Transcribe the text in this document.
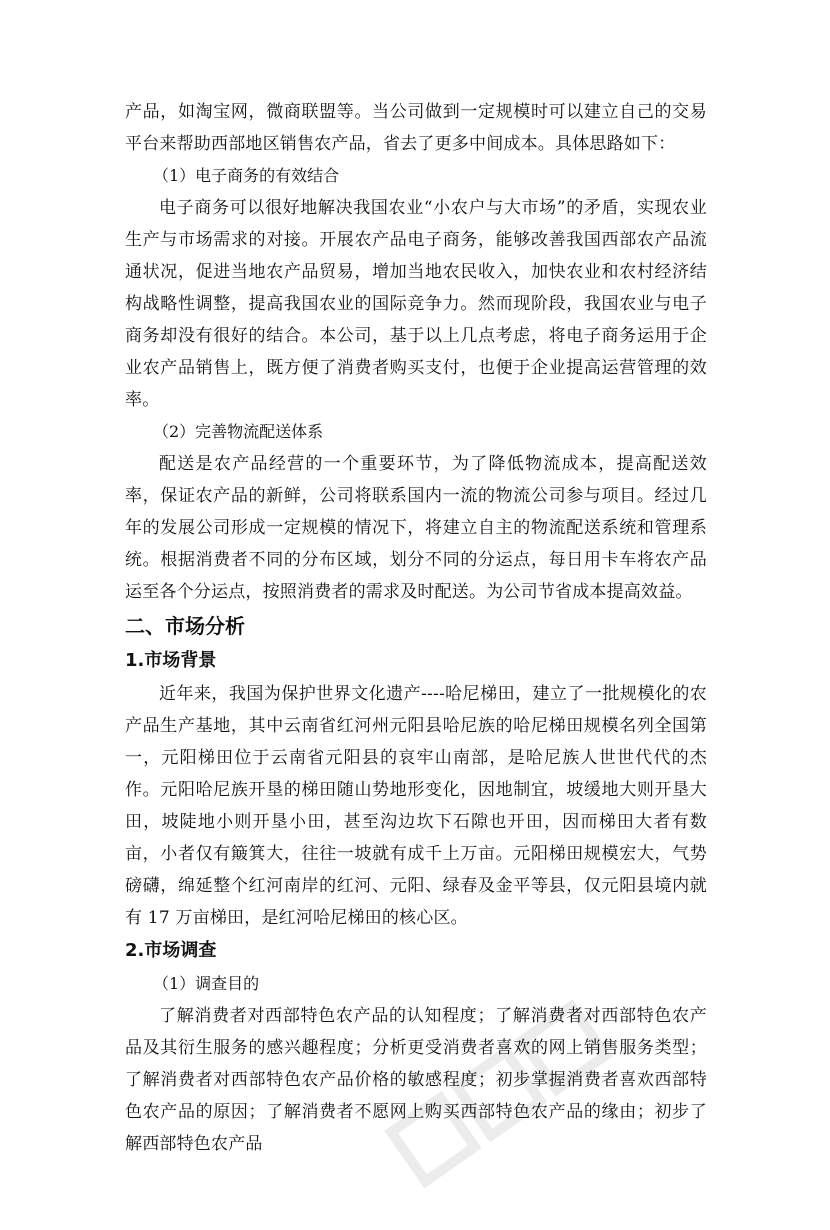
产品，如淘宝网，微商联盟等。当公司做到一定规模时可以建立自己的交易平台来帮助西部地区销售农产品，省去了更多中间成本。具体思路如下：

（1）电子商务的有效结合

电子商务可以很好地解决我国农业“小农户与大市场”的矛盾，实现农业生产与市场需求的对接。开展农产品电子商务，能够改善我国西部农产品流通状况，促进当地农产品贸易，增加当地农民收入，加快农业和农村经济结构战略性调整，提高我国农业的国际竞争力。然而现阶段，我国农业与电子商务却没有很好的结合。本公司，基于以上几点考虑，将电子商务运用于企业农产品销售上，既方便了消费者购买支付，也便于企业提高运营管理的效率。

（2）完善物流配送体系

配送是农产品经营的一个重要环节，为了降低物流成本，提高配送效率，保证农产品的新鲜，公司将联系国内一流的物流公司参与项目。经过几年的发展公司形成一定规模的情况下，将建立自主的物流配送系统和管理系统。根据消费者不同的分布区域，划分不同的分运点，每日用卡车将农产品运至各个分运点，按照消费者的需求及时配送。为公司节省成本提高效益。

二、市场分析
1.市场背景

近年来，我国为保护世界文化遗产----哈尼梯田，建立了一批规模化的农产品生产基地，其中云南省红河州元阳县哈尼族的哈尼梯田规模名列全国第一，元阳梯田位于云南省元阳县的哀牢山南部，是哈尼族人世世代代的杰作。元阳哈尼族开垦的梯田随山势地形变化，因地制宜，坡缓地大则开垦大田，坡陡地小则开垦小田，甚至沟边坎下石隙也开田，因而梯田大者有数亩，小者仅有簸箕大，往往一坡就有成千上万亩。元阳梯田规模宏大，气势磅礴，绵延整个红河南岸的红河、元阳、绿春及金平等县，仅元阳县境内就有 17 万亩梯田，是红河哈尼梯田的核心区。

2.市场调查

（1）调查目的

了解消费者对西部特色农产品的认知程度；了解消费者对西部特色农产品及其衍生服务的感兴趣程度；分析更受消费者喜欢的网上销售服务类型；了解消费者对西部特色农产品价格的敏感程度；初步掌握消费者喜欢西部特色农产品的原因；了解消费者不愿网上购买西部特色农产品的缘由；初步了解西部特色农产品
